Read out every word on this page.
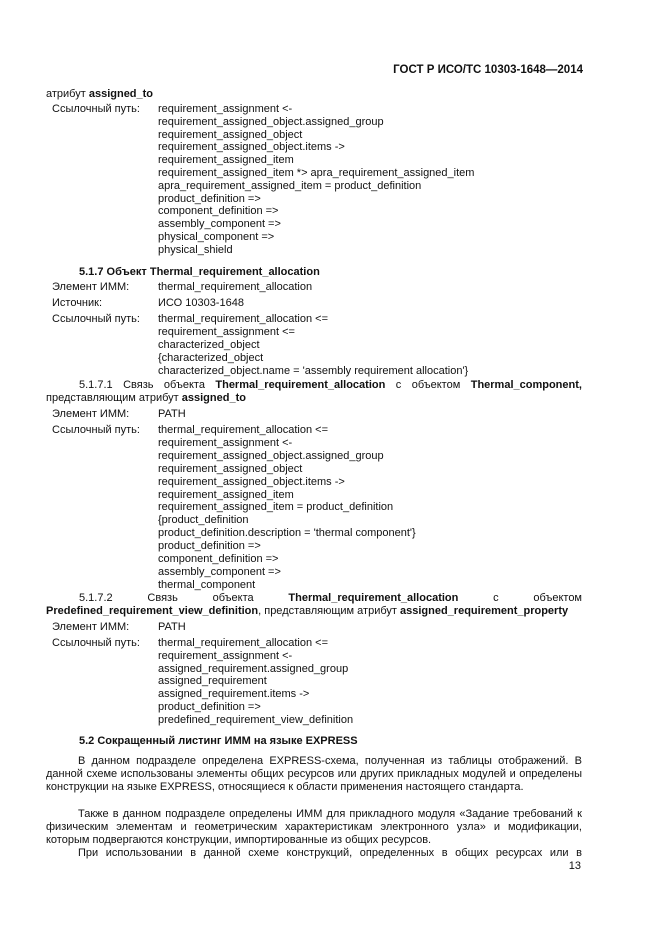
ГОСТ Р ИСО/ТС 10303-1648—2014
атрибут assigned_to
Ссылочный путь: requirement_assignment <-
requirement_assigned_object.assigned_group
requirement_assigned_object
requirement_assigned_object.items ->
requirement_assigned_item
requirement_assigned_item *> apra_requirement_assigned_item
apra_requirement_assigned_item = product_definition
product_definition =>
component_definition =>
assembly_component =>
physical_component =>
physical_shield
5.1.7 Объект Thermal_requirement_allocation
Элемент ИММ:	thermal_requirement_allocation
Источник:	ИСО 10303-1648
Ссылочный путь: thermal_requirement_allocation <=
requirement_assignment <=
characterized_object
{characterized_object
characterized_object.name = 'assembly requirement allocation'}
5.1.7.1 Связь объекта Thermal_requirement_allocation с объектом Thermal_component,
представляющим атрибут assigned_to
Элемент ИММ:	PATH
Ссылочный путь: thermal_requirement_allocation <=
requirement_assignment <-
requirement_assigned_object.assigned_group
requirement_assigned_object
requirement_assigned_object.items ->
requirement_assigned_item
requirement_assigned_item = product_definition
{product_definition
product_definition.description = 'thermal component'}
product_definition =>
component_definition =>
assembly_component =>
thermal_component
5.1.7.2	Связь	объекта	Thermal_requirement_allocation	с	объектом
Predefined_requirement_view_definition, представляющим атрибут assigned_requirement_property
Элемент ИММ:	PATH
Ссылочный путь: thermal_requirement_allocation <=
requirement_assignment <-
assigned_requirement.assigned_group
assigned_requirement
assigned_requirement.items ->
product_definition =>
predefined_requirement_view_definition
5.2 Сокращенный листинг ИММ на языке EXPRESS
В данном подразделе определена EXPRESS-схема, полученная из таблицы отображений. В данной схеме использованы элементы общих ресурсов или других прикладных модулей и определены конструкции на языке EXPRESS, относящиеся к области применения настоящего стандарта.
Также в данном подразделе определены ИММ для прикладного модуля «Задание требований к физическим элементам и геометрическим характеристикам электронного узла» и модификации, которым подвергаются конструкции, импортированные из общих ресурсов.
При использовании в данной схеме конструкций, определенных в общих ресурсах или в
13
